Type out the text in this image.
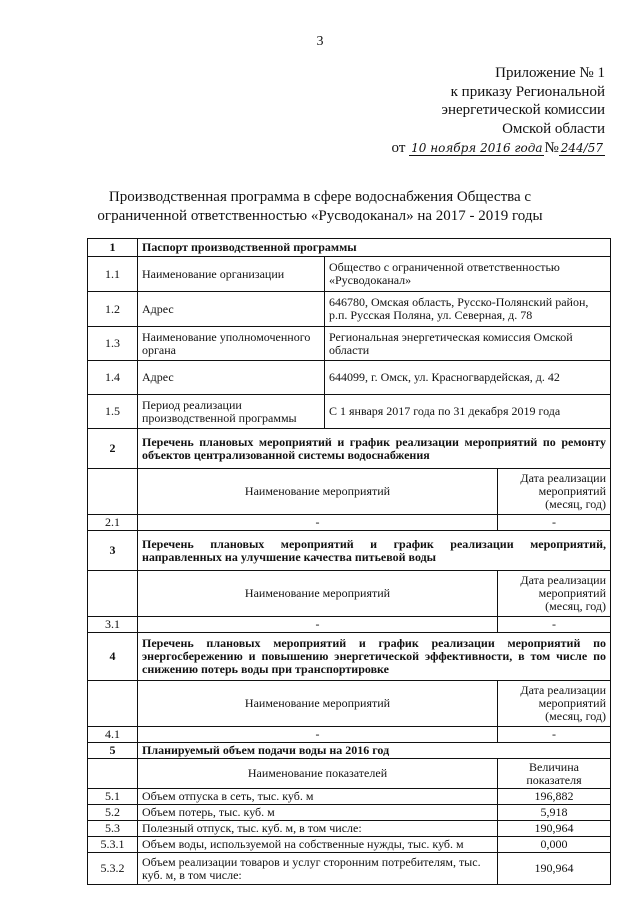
3
Приложение № 1
к приказу Региональной
энергетической комиссии
Омской области
от 10 ноября 2016 года № 244/57
Производственная программа в сфере водоснабжения Общества с
ограниченной ответственностью «Русводоканал» на 2017 - 2019 годы
1	Паспорт производственной программы		
1.1	Наименование организации	Общество с ограниченной ответственностью «Русводоканал»	
1.2	Адрес	646780, Омская область, Русско-Полянский район, р.п. Русская Поляна, ул. Северная, д. 78	
1.3	Наименование уполномоченного органа	Региональная энергетическая комиссия Омской области	
1.4	Адрес	644099, г. Омск, ул. Красногвардейская, д. 42	
1.5	Период реализации производственной программы	С 1 января 2017 года по 31 декабря 2019 года	
2	Перечень плановых мероприятий и график реализации мероприятий по ремонту объектов централизованной системы водоснабжения		
	Наименование мероприятий		Дата реализации мероприятий (месяц, год)
2.1	-		-
3	Перечень плановых мероприятий и график реализации мероприятий, направленных на улучшение качества питьевой воды		
	Наименование мероприятий		Дата реализации мероприятий (месяц, год)
3.1	-		-
4	Перечень плановых мероприятий и график реализации мероприятий по энергосбережению и повышению энергетической эффективности, в том числе по снижению потерь воды при транспортировке		
	Наименование мероприятий		Дата реализации мероприятий (месяц, год)
4.1	-		-
5	Планируемый объем подачи воды на 2016 год		
	Наименование показателей		Величина показателя
5.1	Объем отпуска в сеть, тыс. куб. м		196,882
5.2	Объем потерь, тыс. куб. м		5,918
5.3	Полезный отпуск, тыс. куб. м, в том числе:		190,964
5.3.1	Объем воды, используемой на собственные нужды, тыс. куб. м		0,000
5.3.2	Объем реализации товаров и услуг сторонним потребителям, тыс. куб. м, в том числе:		190,964
